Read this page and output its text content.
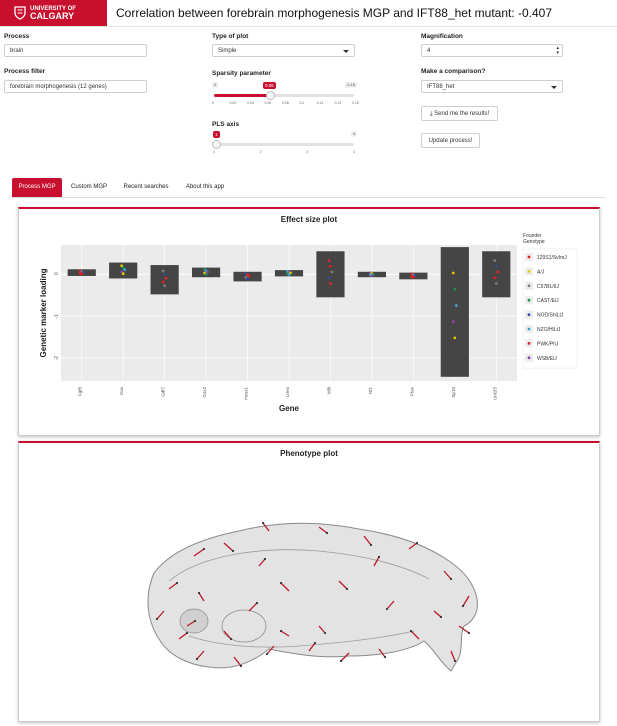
UNIVERSITY OF
CALGARY	Correlation between forebrain morphogenesis MGP and IFT88_het mutant: -0.407
Process
brain
Process filter
forebrain morphogenesis (12 genes)
Type of plot
Simple
Sparsity parameter
0	0.15
0.06
0	0.02	0.04	0.06	0.08	0.1	0.11	0.13	0.15
PLS axis
1	4
1	2	3	4
Magnification
4	▴
▾
Make a comparison?
IFT88_het
⤓ Send me the results!
Update process!
Process MGP	Custom MGP	Recent searches	About this app
Effect size plot
0
-1
-2
Fgf8	Gas	Gdf7	Gsx2	Hesx1	Lrrex	Mllt	Nf1	Ptse	Sp10	Uni1f3
Gene
Genetic marker loading
Founder
Genotype
129S1/SvImJ
A/J
C57BL/6J
CAST/EiJ
NOD/ShiLtJ
NZO/HlLtJ
PWK/PhJ
WSB/EiJ
Phenotype plot
